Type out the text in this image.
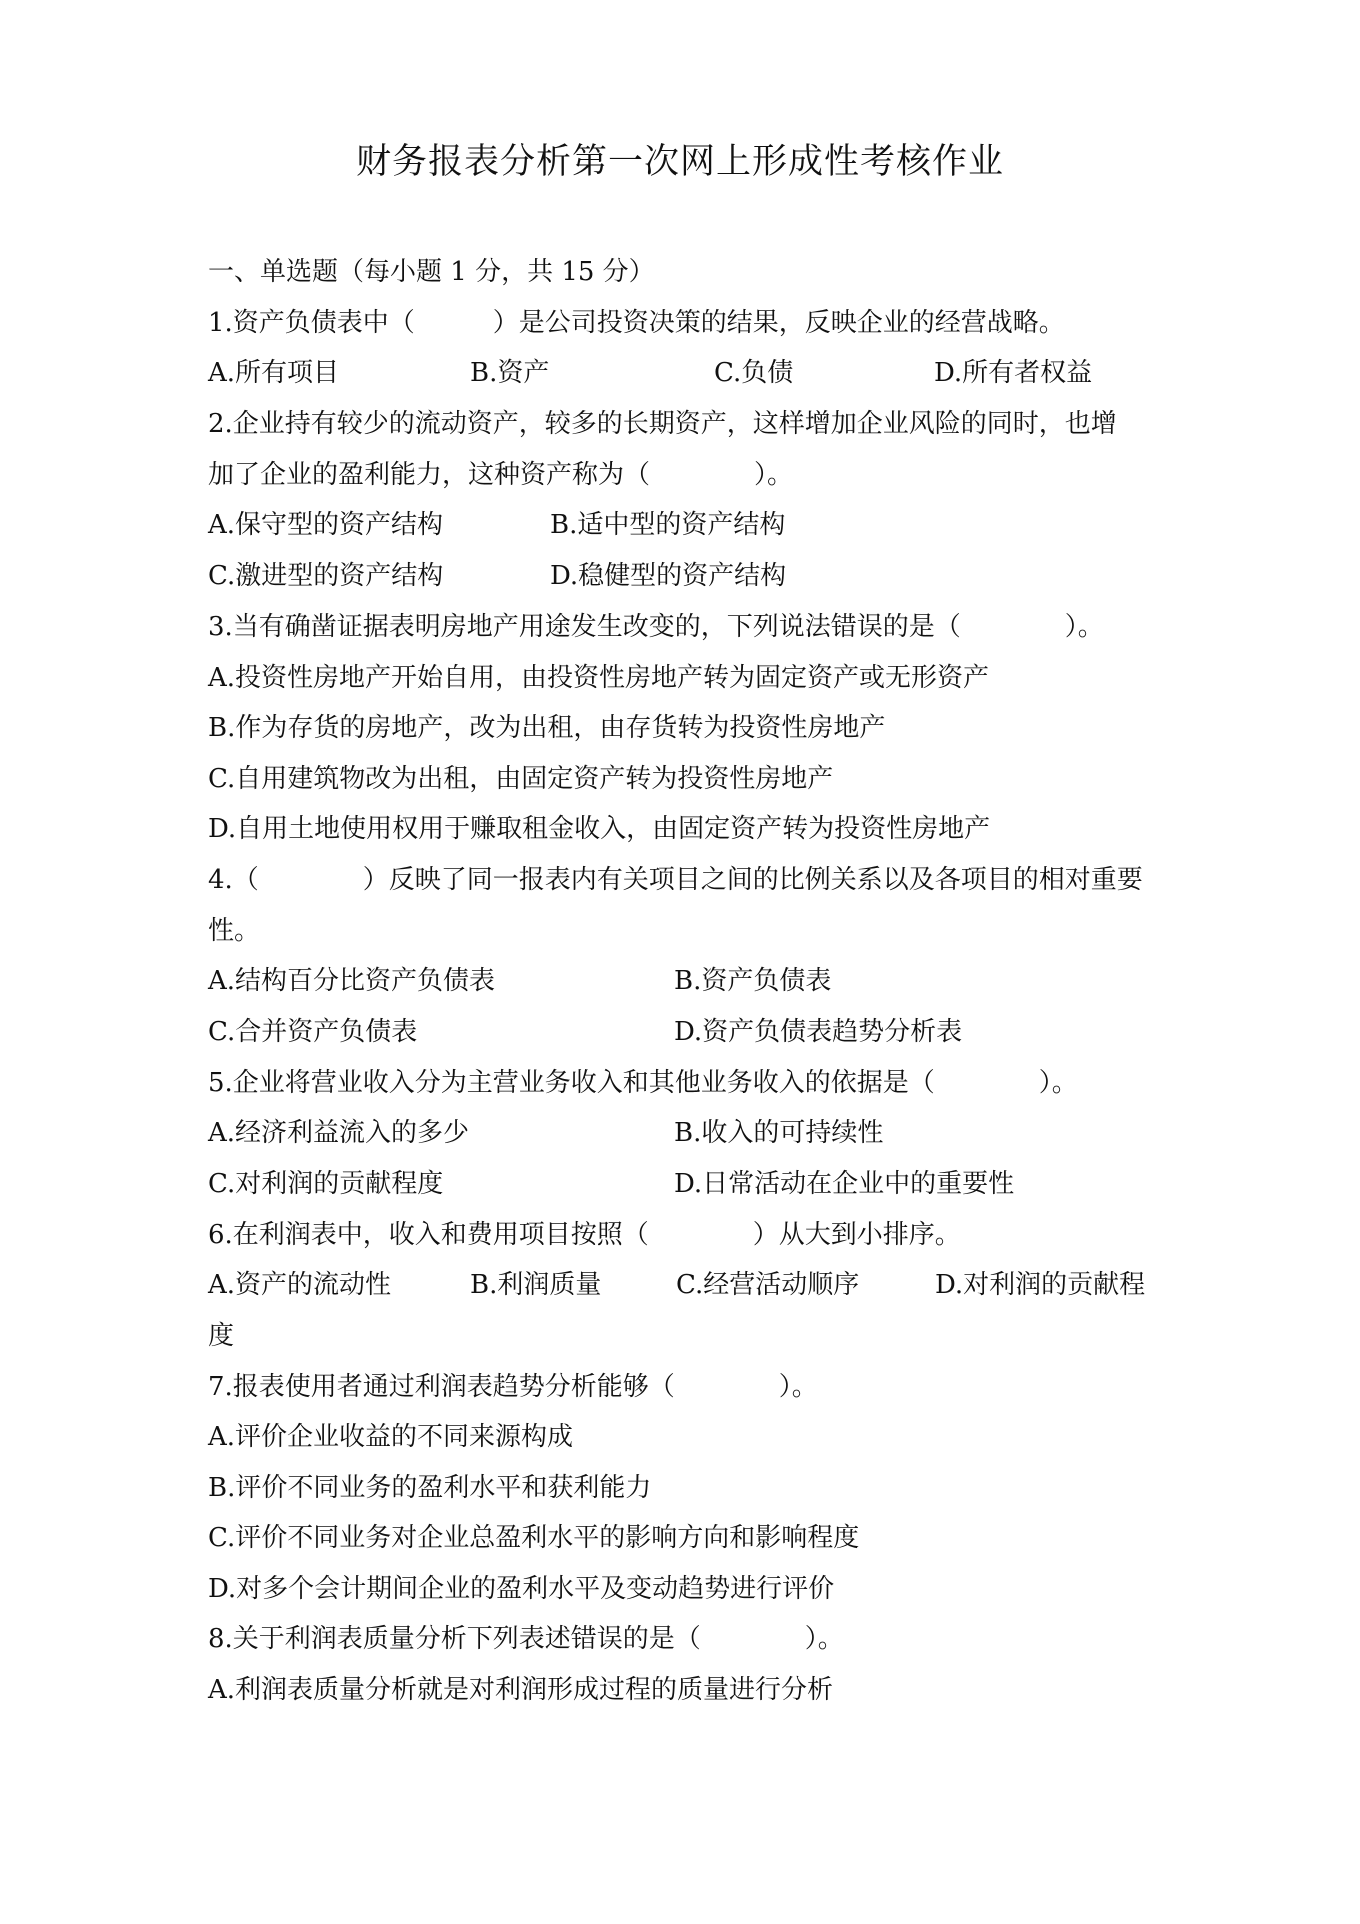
财务报表分析第一次网上形成性考核作业
一、单选题（每小题 1 分，共 15 分）
1.资产负债表中（　　　）是公司投资决策的结果，反映企业的经营战略。
A.所有项目	B.资产	C.负债	D.所有者权益
2.企业持有较少的流动资产，较多的长期资产，这样增加企业风险的同时，也增
加了企业的盈利能力，这种资产称为（　　　　）。
A.保守型的资产结构	B.适中型的资产结构
C.激进型的资产结构	D.稳健型的资产结构
3.当有确凿证据表明房地产用途发生改变的，下列说法错误的是（　　　　）。
A.投资性房地产开始自用，由投资性房地产转为固定资产或无形资产
B.作为存货的房地产，改为出租，由存货转为投资性房地产
C.自用建筑物改为出租，由固定资产转为投资性房地产
D.自用土地使用权用于赚取租金收入，由固定资产转为投资性房地产
4.（　　　　）反映了同一报表内有关项目之间的比例关系以及各项目的相对重要
性。
A.结构百分比资产负债表	B.资产负债表
C.合并资产负债表	D.资产负债表趋势分析表
5.企业将营业收入分为主营业务收入和其他业务收入的依据是（　　　　）。
A.经济利益流入的多少	B.收入的可持续性
C.对利润的贡献程度	D.日常活动在企业中的重要性
6.在利润表中，收入和费用项目按照（　　　　）从大到小排序。
A.资产的流动性	B.利润质量	C.经营活动顺序	D.对利润的贡献程
度
7.报表使用者通过利润表趋势分析能够（　　　　）。
A.评价企业收益的不同来源构成
B.评价不同业务的盈利水平和获利能力
C.评价不同业务对企业总盈利水平的影响方向和影响程度
D.对多个会计期间企业的盈利水平及变动趋势进行评价
8.关于利润表质量分析下列表述错误的是（　　　　）。
A.利润表质量分析就是对利润形成过程的质量进行分析
